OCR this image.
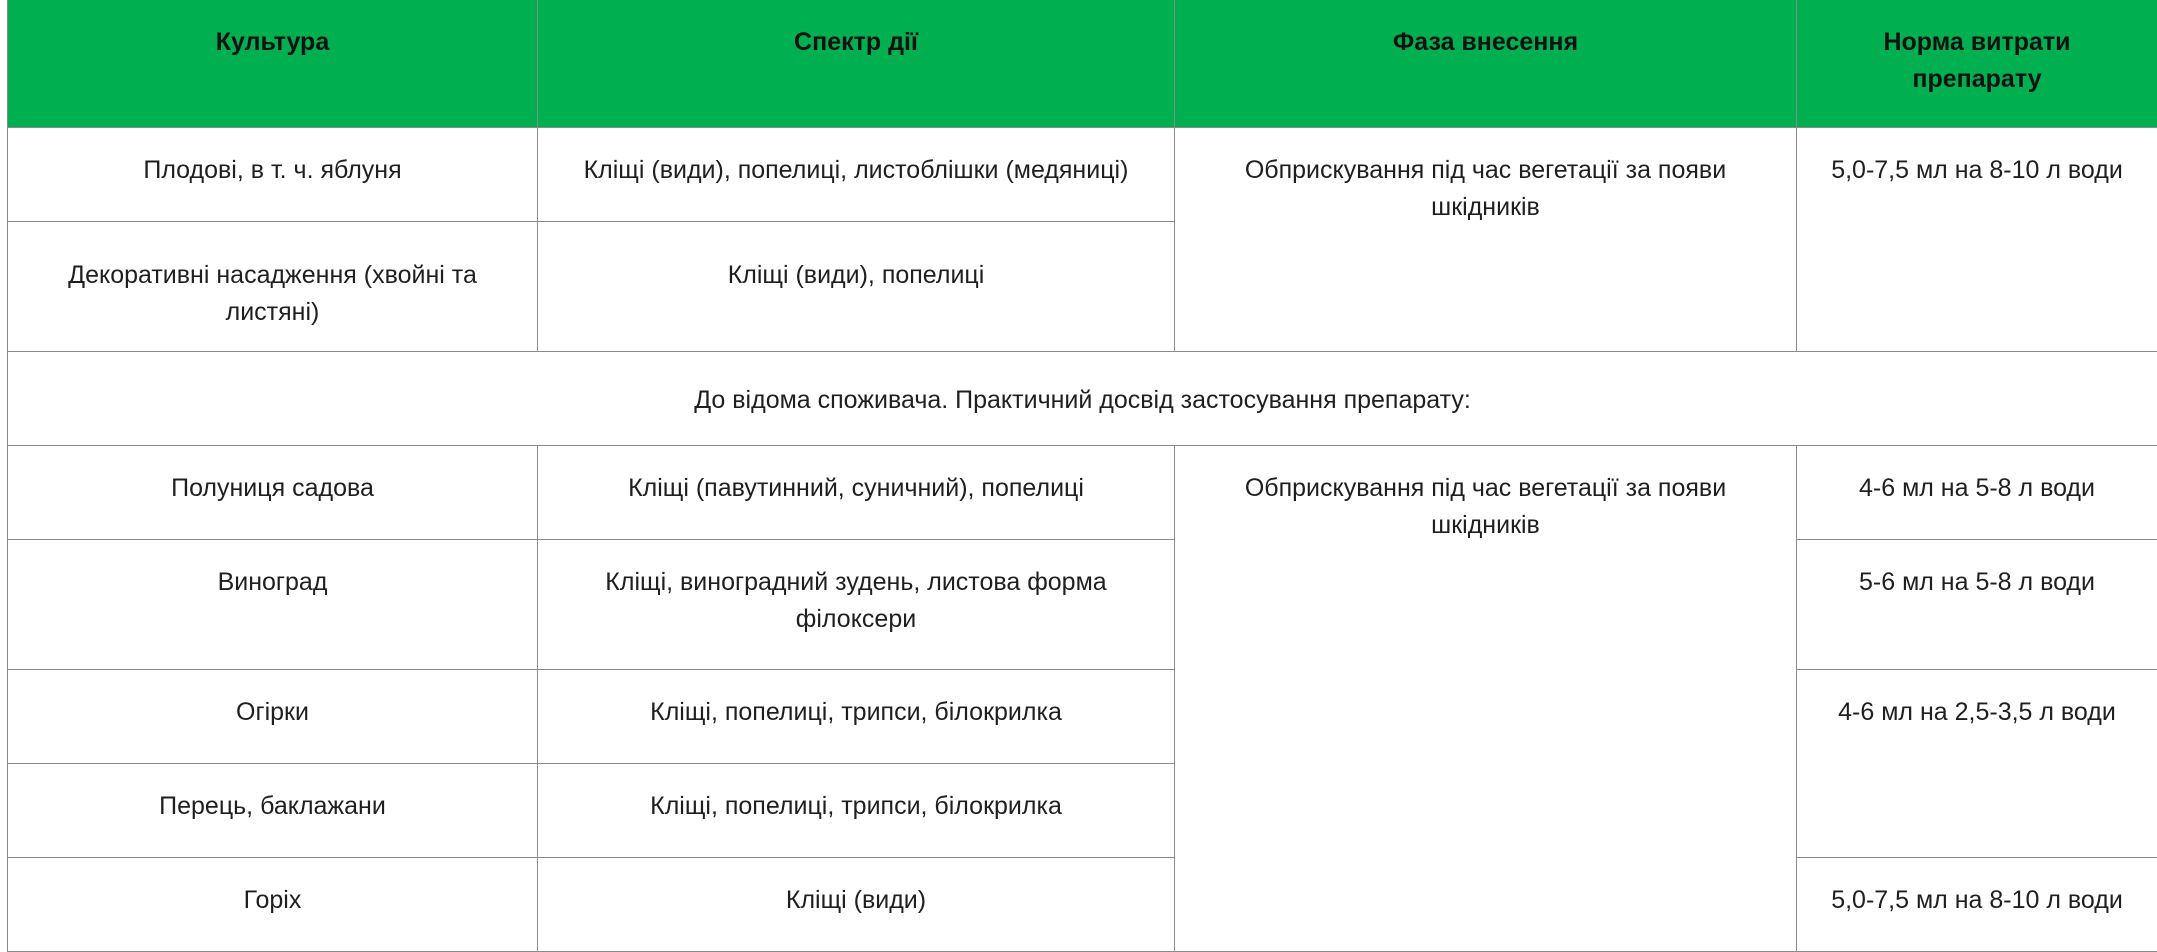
Культура	Спектр дії	Фаза внесення	Норма витрати препарату
Плодові, в т. ч. яблуня	Кліщі (види), попелиці, листоблішки (медяниці)	Обприскування під час вегетації за появи шкідників	5,0-7,5 мл на 8-10 л води
Декоративні насадження (хвойні та листяні)	Кліщі (види), попелиці		
До відома споживача. Практичний досвід застосування препарату:			
Полуниця садова	Кліщі (павутинний, суничний), попелиці	Обприскування під час вегетації за появи шкідників	4-6 мл на 5-8 л води
Виноград	Кліщі, виноградний зудень, листова форма філоксери		5-6 мл на 5-8 л води
Огірки	Кліщі, попелиці, трипси, білокрилка		4-6 мл на 2,5-3,5 л води
Перець, баклажани	Кліщі, попелиці, трипси, білокрилка		
Горіх	Кліщі (види)		5,0-7,5 мл на 8-10 л води
